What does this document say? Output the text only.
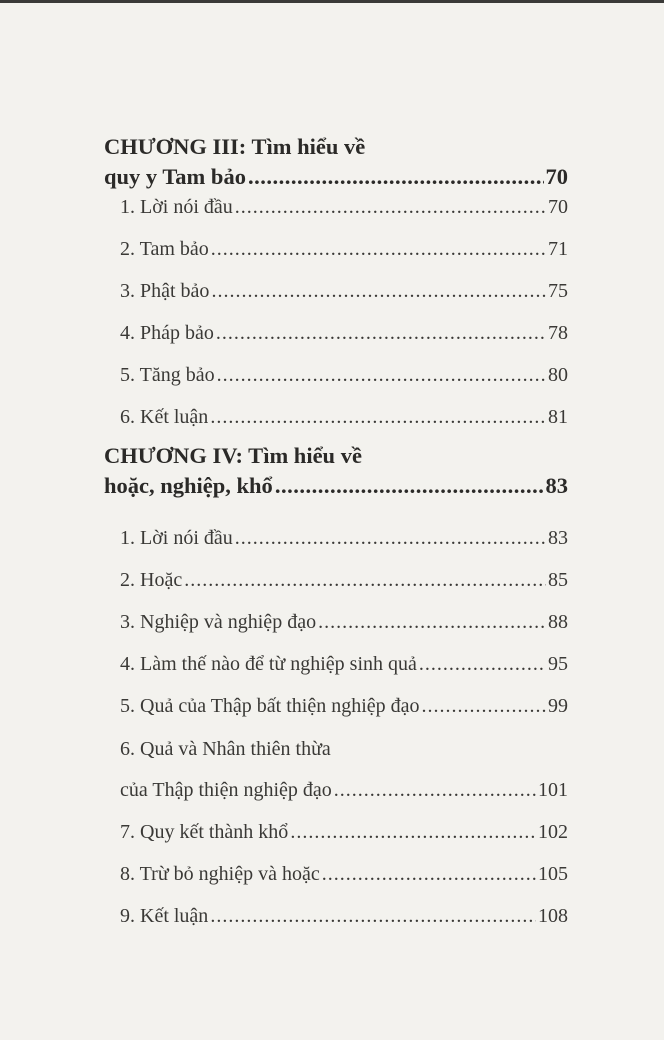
CHƯƠNG III: Tìm hiểu về
quy y Tam bảo .....	70
1. Lời nói đầu .....	70
2. Tam bảo .....	71
3. Phật bảo .....	75
4. Pháp bảo .....	78
5. Tăng bảo .....	80
6. Kết luận .....	81
CHƯƠNG IV: Tìm hiểu về
hoặc, nghiệp, khổ .....	83
1. Lời nói đầu .....	83
2. Hoặc .....	85
3. Nghiệp và nghiệp đạo .....	88
4. Làm thế nào để từ nghiệp sinh quả .....	95
5. Quả của Thập bất thiện nghiệp đạo .....	99
6. Quả và Nhân thiên thừa
của Thập thiện nghiệp đạo .....	101
7. Quy kết thành khổ .....	102
8. Trừ bỏ nghiệp và hoặc .....	105
9. Kết luận .....	108
